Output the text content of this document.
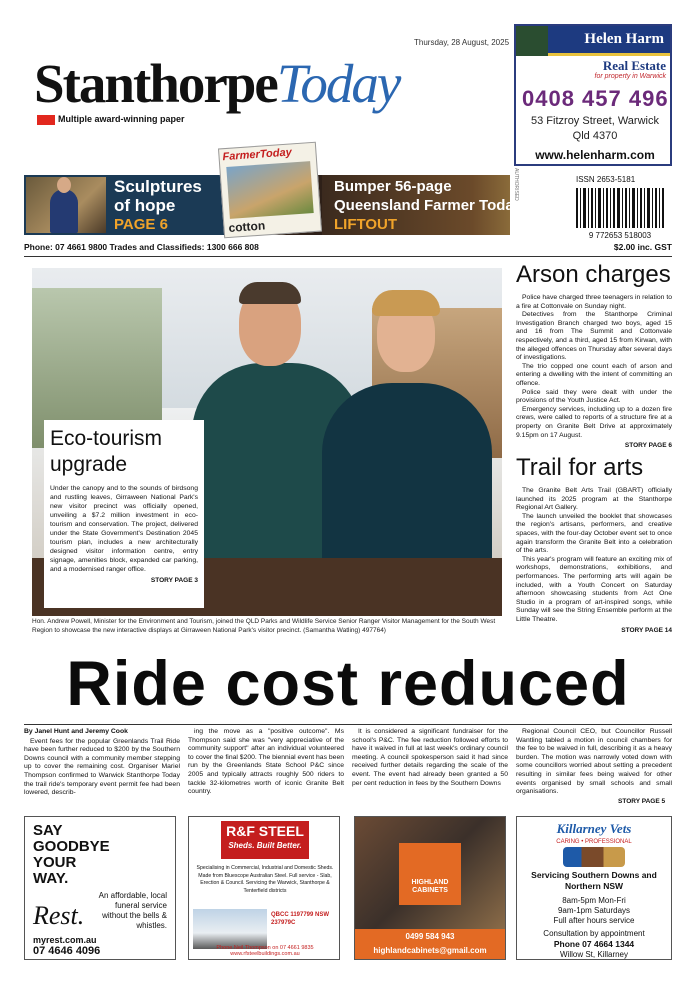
Thursday, 28 August, 2025
StanthorpeToday
Multiple award-winning paper
Helen Harm
Real Estate
for property in Warwick
0408 457 496
53 Fitzroy Street, Warwick
Qld 4370
www.helenharm.com
Sculptures
of hope
PAGE 6
FarmerToday
cotton
Bumper 56-page
Queensland Farmer Today
LIFTOUT
AUTHORISED	ISSN 2653-5181
9 772653 518003
Phone: 07 4661 9800 Trades and Classifieds: 1300 666 808	$2.00 inc. GST
Eco-tourism
upgrade
Under the canopy and to the sounds of birdsong and rustling leaves, Girraween National Park's new visitor precinct was officially opened, unveiling a $7.2 million investment in eco-tourism and conservation. The project, delivered under the State Government's Destination 2045 tourism plan, includes a new architecturally designed visitor information centre, entry signage, amenities block, expanded car parking, and a modernised ranger office.
STORY PAGE 3
Hon. Andrew Powell, Minister for the Environment and Tourism, joined the QLD Parks and Wildlife Service Senior Ranger Visitor Management for the South West Region to showcase the new interactive displays at Girraween National Park's visitor precinct. (Samantha Watling) 497764)
Arson charges

Police have charged three teenagers in relation to a fire at Cottonvale on Sunday night.

Detectives from the Stanthorpe Criminal Investigation Branch charged two boys, aged 15 and 16 from The Summit and Cottonvale respectively, and a third, aged 15 from Kirwan, with the alleged offences on Thursday after several days of investigations.

The trio copped one count each of arson and entering a dwelling with the intent of committing an offence.

Police said they were dealt with under the provisions of the Youth Justice Act.

Emergency services, including up to a dozen fire crews, were called to reports of a structure fire at a property on Granite Belt Drive at approximately 9.15pm on 17 August.

STORY PAGE 6
Trail for arts

The Granite Belt Arts Trail (GBART) officially launched its 2025 program at the Stanthorpe Regional Art Gallery.

The launch unveiled the booklet that showcases the region's artisans, performers, and creative spaces, with the four-day October event set to once again transform the Granite Belt into a celebration of the arts.

This year's program will feature an exciting mix of workshops, demonstrations, exhibitions, and performances. The performing arts will again be included, with a Youth Concert on Saturday afternoon showcasing students from Act One Studio in a program of art-inspired songs, while Sunday will see the String Ensemble perform at the Little Theatre.

STORY PAGE 14
Ride cost reduced
By Janel Hunt and Jeremy Cook

Event fees for the popular Greenlands Trail Ride have been further reduced to $200 by the Southern Downs council with a community member stepping up to cover the remaining cost. Organiser Mariel Thompson confirmed to Warwick Stanthorpe Today the trail ride's temporary event permit fee had been lowered, describ-

ing the move as a "positive outcome". Ms Thompson said she was "very appreciative of the community support" after an individual volunteered to cover the final $200. The biennial event has been run by the Greenlands State School P&C since 2005 and typically attracts roughly 500 riders to tackle 32-kilometres worth of iconic Granite Belt country.

It is considered a significant fundraiser for the school's P&C. The fee reduction followed efforts to have it waived in full at last week's ordinary council meeting. A council spokesperson said it had since received further details regarding the scale of the event. The event had already been granted a 50 per cent reduction in fees by the Southern Downs

Regional Council CEO, but Councillor Russell Wantling tabled a motion in council chambers for the fee to be waived in full, describing it as a heavy burden. The motion was narrowly voted down with some councillors worried about setting a precedent resulting in similar fees being waived for other events organised by small schools and small organisations.

STORY PAGE 5
SAY
GOODBYE
YOUR
WAY.
Rest.
An affordable, local funeral service without the bells & whistles.
myrest.com.au
07 4646 4096
R&F STEEL
Sheds. Built Better.
Specialising in Commercial, Industrial and Domestic Sheds. Made from Bluescope Australian Steel. Full service - Slab, Erection & Council. Servicing the Warwick, Stanthorpe & Tenterfield districts
QBCC 1197799 NSW 237979C
Phone Neil Thompson on 07 4661 9835
www.rfsteelbuildings.com.au
HIGHLAND CABINETS
0499 584 943
highlandcabinets@gmail.com
Killarney Vets
CARING • PROFESSIONAL
Servicing Southern Downs and Northern NSW
8am-5pm Mon-Fri
9am-1pm Saturdays
Full after hours service
Consultation by appointment
Phone 07 4664 1344
Willow St, Killarney
